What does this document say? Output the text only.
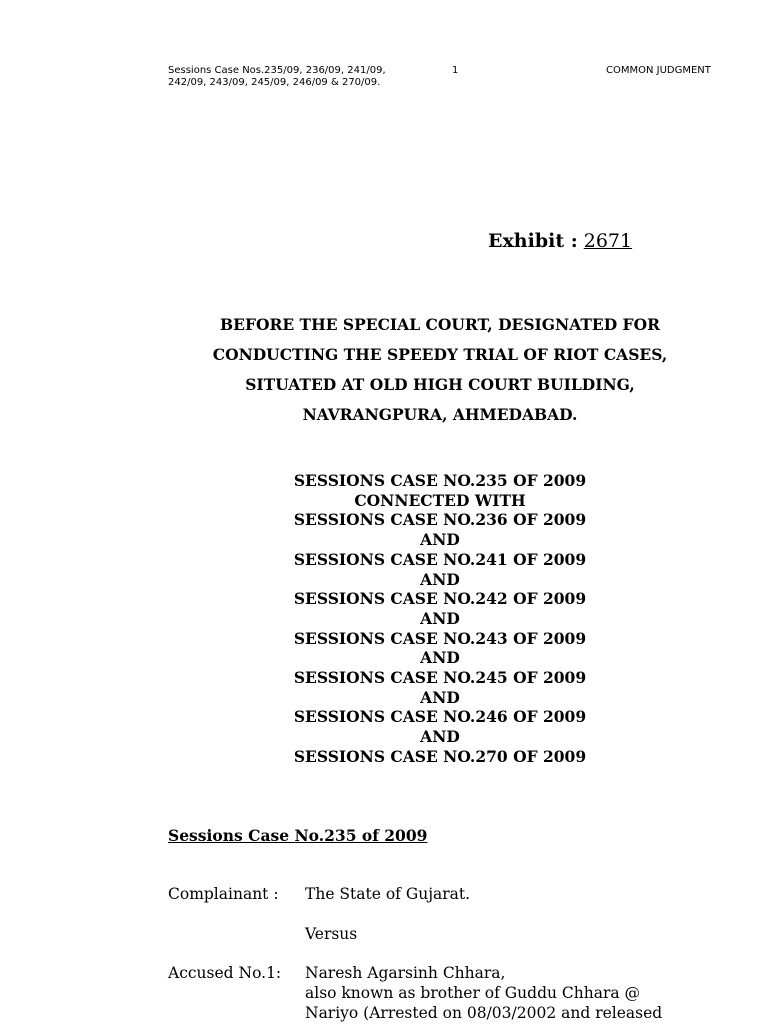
Sessions Case Nos.235/09, 236/09, 241/09,
242/09, 243/09, 245/09, 246/09 & 270/09.
1	COMMON JUDGMENT
Exhibit : 2671
BEFORE THE SPECIAL COURT, DESIGNATED FOR
CONDUCTING THE SPEEDY TRIAL OF RIOT CASES,
SITUATED AT OLD HIGH COURT BUILDING,
NAVRANGPURA, AHMEDABAD.
SESSIONS CASE NO.235 OF 2009
CONNECTED WITH
SESSIONS CASE NO.236 OF 2009
AND
SESSIONS CASE NO.241 OF 2009
AND
SESSIONS CASE NO.242 OF 2009
AND
SESSIONS CASE NO.243 OF 2009
AND
SESSIONS CASE NO.245 OF 2009
AND
SESSIONS CASE NO.246 OF 2009
AND
SESSIONS CASE NO.270 OF 2009
Sessions Case No.235 of 2009
Complainant : The State of Gujarat.
Versus
Accused No.1: Naresh Agarsinh Chhara,
also known as brother of Guddu Chhara @
Nariyo (Arrested on 08/03/2002 and released
